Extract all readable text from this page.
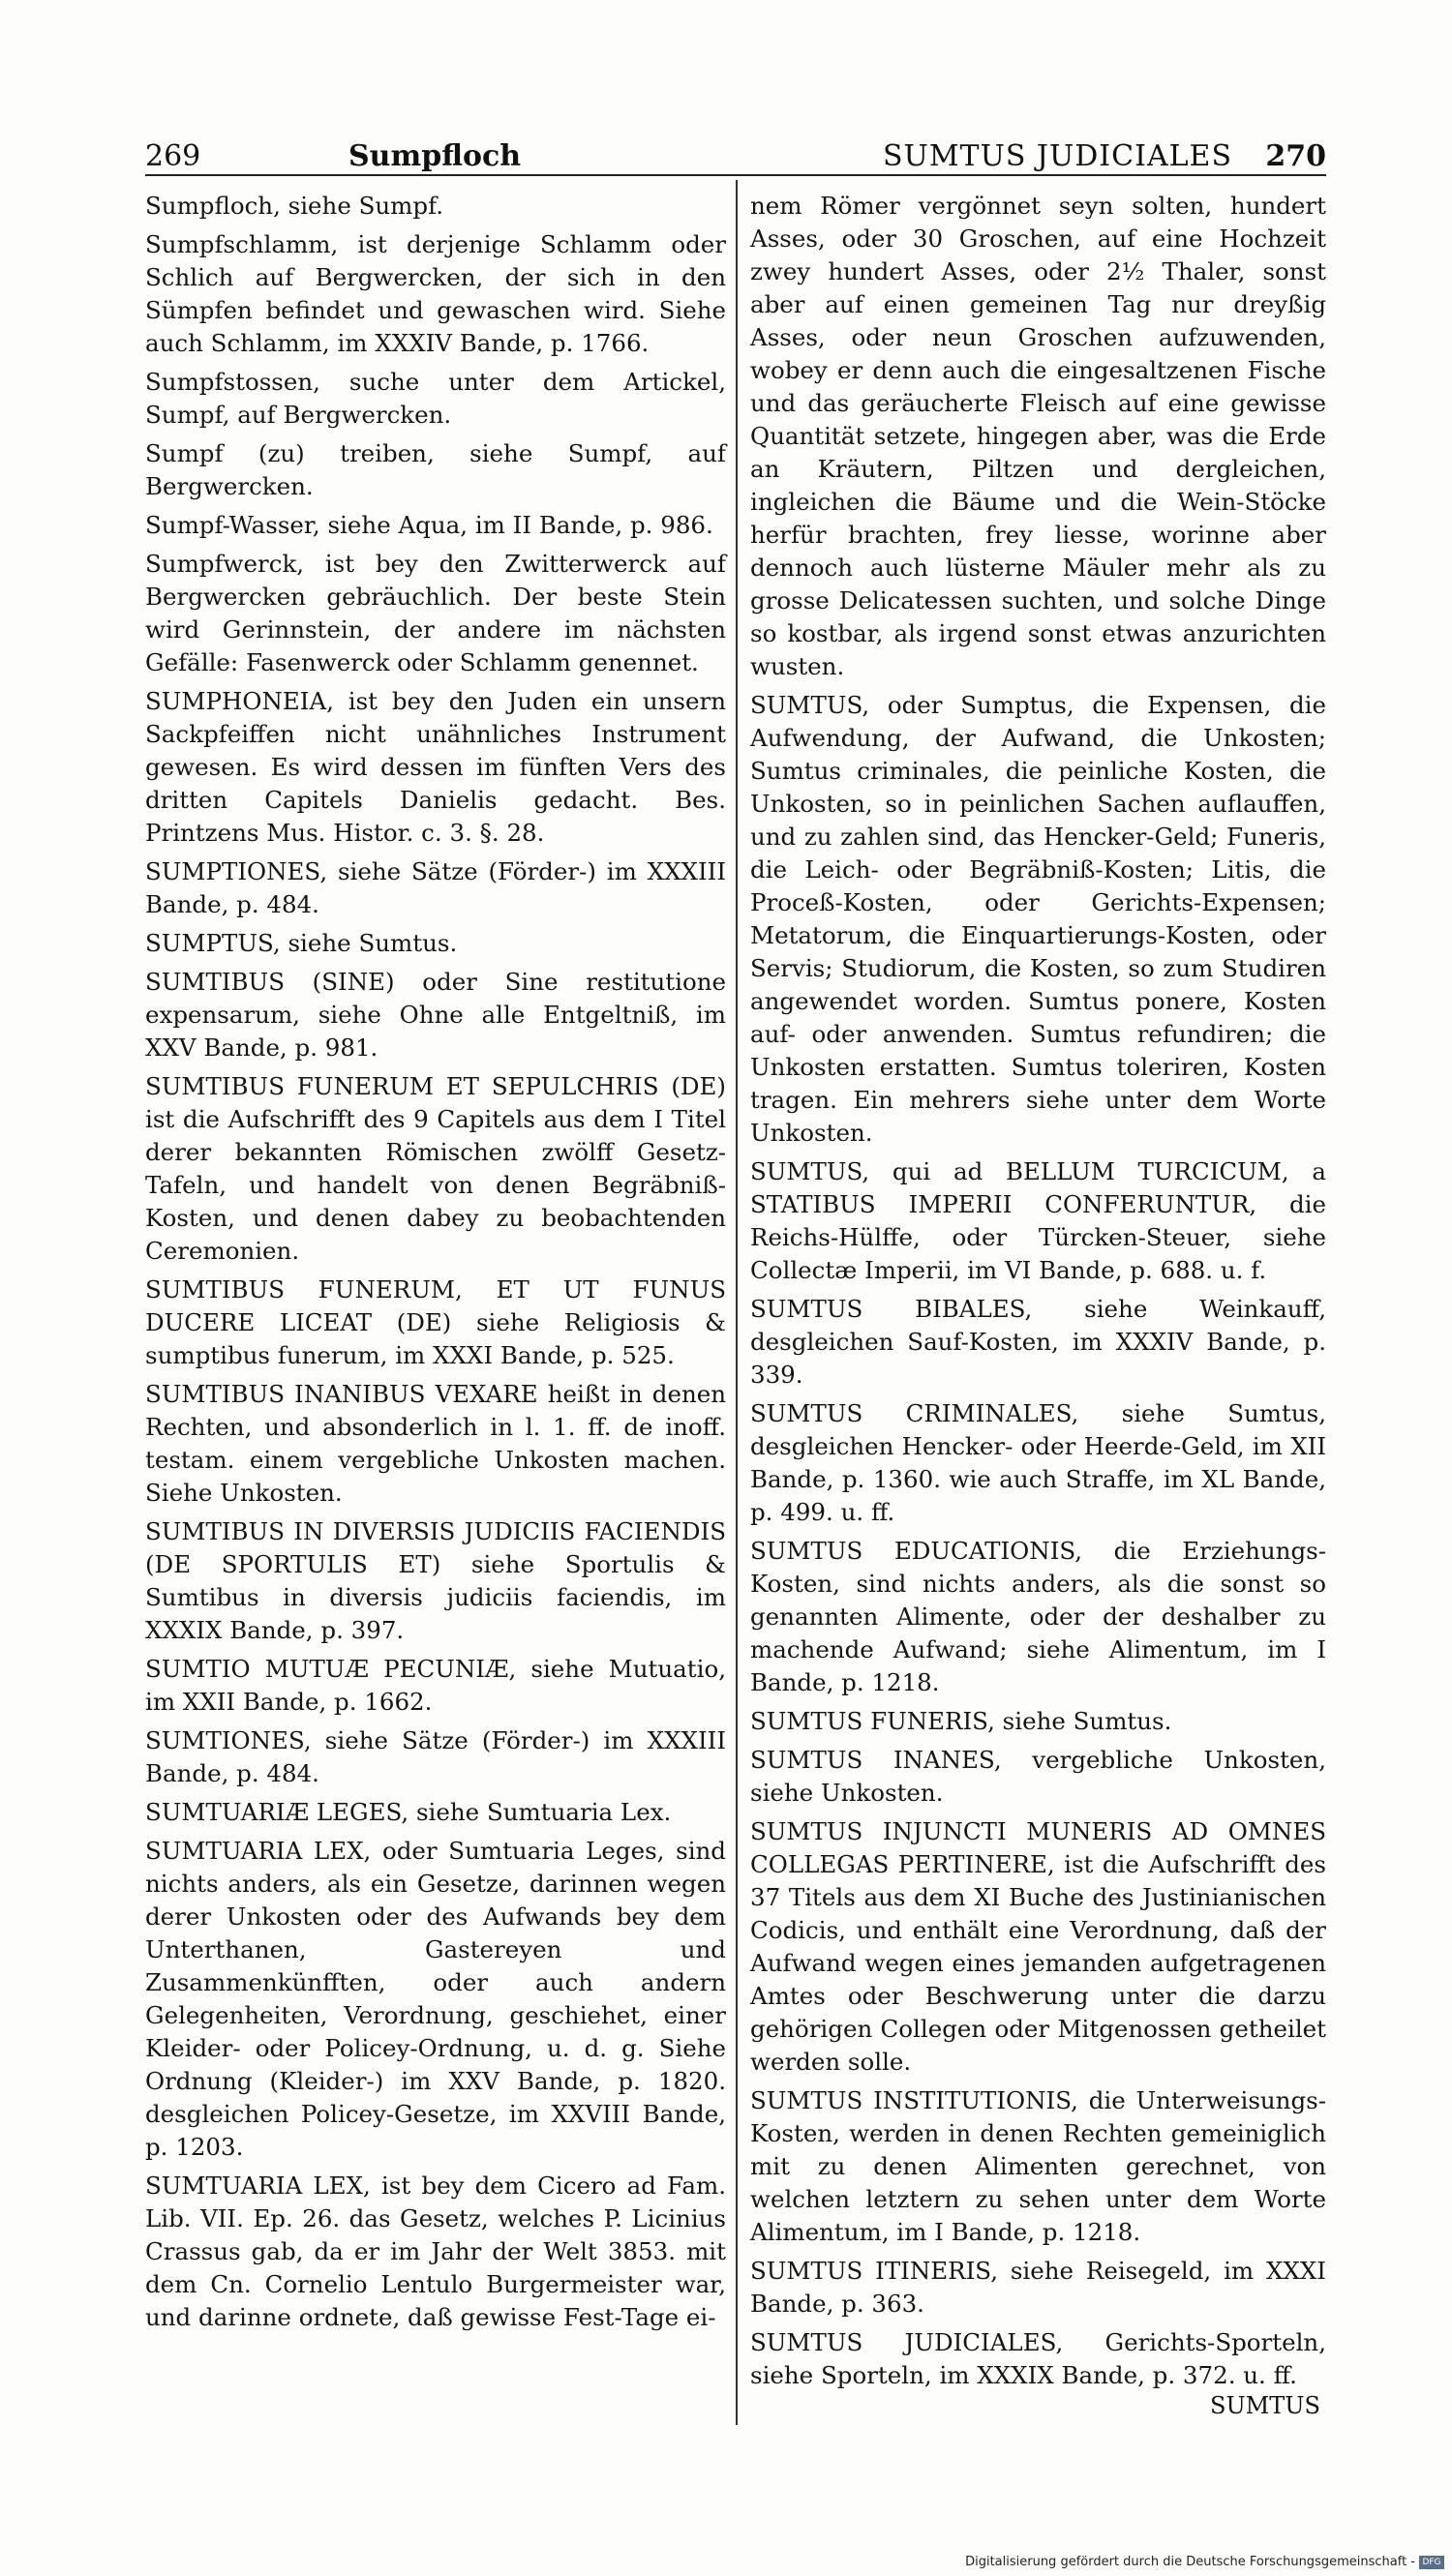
269	Sumpfloch	SUMTUS JUDICIALES 270

Sumpfloch, siehe Sumpf.

Sumpfschlamm, ist derjenige Schlamm oder Schlich auf Bergwercken, der sich in den Sümpfen befindet und gewaschen wird. Siehe auch Schlamm, im XXXIV Bande, p. 1766.

Sumpfstossen, suche unter dem Artickel, Sumpf, auf Bergwercken.

Sumpf (zu) treiben, siehe Sumpf, auf Bergwercken.

Sumpf-Wasser, siehe Aqua, im II Bande, p. 986.

Sumpfwerck, ist bey den Zwitterwerck auf Bergwercken gebräuchlich. Der beste Stein wird Gerinnstein, der andere im nächsten Gefälle: Fasenwerck oder Schlamm genennet.

SUMPHONEIA, ist bey den Juden ein unsern Sackpfeiffen nicht unähnliches Instrument gewesen. Es wird dessen im fünften Vers des dritten Capitels Danielis gedacht. Bes. Printzens Mus. Histor. c. 3. §. 28.

SUMPTIONES, siehe Sätze (Förder-) im XXXIII Bande, p. 484.

SUMPTUS, siehe Sumtus.

SUMTIBUS (SINE) oder Sine restitutione expensarum, siehe Ohne alle Entgeltniß, im XXV Bande, p. 981.

SUMTIBUS FUNERUM ET SEPULCHRIS (DE) ist die Aufschrifft des 9 Capitels aus dem I Titel derer bekannten Römischen zwölff Gesetz-Tafeln, und handelt von denen Begräbniß-Kosten, und denen dabey zu beobachtenden Ceremonien.

SUMTIBUS FUNERUM, ET UT FUNUS DUCERE LICEAT (DE) siehe Religiosis & sumptibus funerum, im XXXI Bande, p. 525.

SUMTIBUS INANIBUS VEXARE heißt in denen Rechten, und absonderlich in l. 1. ff. de inoff. testam. einem vergebliche Unkosten machen. Siehe Unkosten.

SUMTIBUS IN DIVERSIS JUDICIIS FACIENDIS (DE SPORTULIS ET) siehe Sportulis & Sumtibus in diversis judiciis faciendis, im XXXIX Bande, p. 397.

SUMTIO MUTUÆ PECUNIÆ, siehe Mutuatio, im XXII Bande, p. 1662.

SUMTIONES, siehe Sätze (Förder-) im XXXIII Bande, p. 484.

SUMTUARIÆ LEGES, siehe Sumtuaria Lex.

SUMTUARIA LEX, oder Sumtuaria Leges, sind nichts anders, als ein Gesetze, darinnen wegen derer Unkosten oder des Aufwands bey dem Unterthanen, Gastereyen und Zusammenkünfften, oder auch andern Gelegenheiten, Verordnung, geschiehet, einer Kleider- oder Policey-Ordnung, u. d. g. Siehe Ordnung (Kleider-) im XXV Bande, p. 1820. desgleichen Policey-Gesetze, im XXVIII Bande, p. 1203.

SUMTUARIA LEX, ist bey dem Cicero ad Fam. Lib. VII. Ep. 26. das Gesetz, welches P. Licinius Crassus gab, da er im Jahr der Welt 3853. mit dem Cn. Cornelio Lentulo Burgermeister war, und darinne ordnete, daß gewisse Fest-Tage ei-

nem Römer vergönnet seyn solten, hundert Asses, oder 30 Groschen, auf eine Hochzeit zwey hundert Asses, oder 2½ Thaler, sonst aber auf einen gemeinen Tag nur dreyßig Asses, oder neun Groschen aufzuwenden, wobey er denn auch die eingesaltzenen Fische und das geräucherte Fleisch auf eine gewisse Quantität setzete, hingegen aber, was die Erde an Kräutern, Piltzen und dergleichen, ingleichen die Bäume und die Wein-Stöcke herfür brachten, frey liesse, worinne aber dennoch auch lüsterne Mäuler mehr als zu grosse Delicatessen suchten, und solche Dinge so kostbar, als irgend sonst etwas anzurichten wusten.

SUMTUS, oder Sumptus, die Expensen, die Aufwendung, der Aufwand, die Unkosten; Sumtus criminales, die peinliche Kosten, die Unkosten, so in peinlichen Sachen auflauffen, und zu zahlen sind, das Hencker-Geld; Funeris, die Leich- oder Begräbniß-Kosten; Litis, die Proceß-Kosten, oder Gerichts-Expensen; Metatorum, die Einquartierungs-Kosten, oder Servis; Studiorum, die Kosten, so zum Studiren angewendet worden. Sumtus ponere, Kosten auf- oder anwenden. Sumtus refundiren; die Unkosten erstatten. Sumtus toleriren, Kosten tragen. Ein mehrers siehe unter dem Worte Unkosten.

SUMTUS, qui ad BELLUM TURCICUM, a STATIBUS IMPERII CONFERUNTUR, die Reichs-Hülffe, oder Türcken-Steuer, siehe Collectæ Imperii, im VI Bande, p. 688. u. f.

SUMTUS BIBALES, siehe Weinkauff, desgleichen Sauf-Kosten, im XXXIV Bande, p. 339.

SUMTUS CRIMINALES, siehe Sumtus, desgleichen Hencker- oder Heerde-Geld, im XII Bande, p. 1360. wie auch Straffe, im XL Bande, p. 499. u. ff.

SUMTUS EDUCATIONIS, die Erziehungs-Kosten, sind nichts anders, als die sonst so genannten Alimente, oder der deshalber zu machende Aufwand; siehe Alimentum, im I Bande, p. 1218.

SUMTUS FUNERIS, siehe Sumtus.

SUMTUS INANES, vergebliche Unkosten, siehe Unkosten.

SUMTUS INJUNCTI MUNERIS AD OMNES COLLEGAS PERTINERE, ist die Aufschrifft des 37 Titels aus dem XI Buche des Justinianischen Codicis, und enthält eine Verordnung, daß der Aufwand wegen eines jemanden aufgetragenen Amtes oder Beschwerung unter die darzu gehörigen Collegen oder Mitgenossen getheilet werden solle.

SUMTUS INSTITUTIONIS, die Unterweisungs-Kosten, werden in denen Rechten gemeiniglich mit zu denen Alimenten gerechnet, von welchen letztern zu sehen unter dem Worte Alimentum, im I Bande, p. 1218.

SUMTUS ITINERIS, siehe Reisegeld, im XXXI Bande, p. 363.

SUMTUS JUDICIALES, Gerichts-Sporteln, siehe Sporteln, im XXXIX Bande, p. 372. u. ff.

SUMTUS
Digitalisierung gefördert durch die Deutsche Forschungsgemeinschaft - DFG
